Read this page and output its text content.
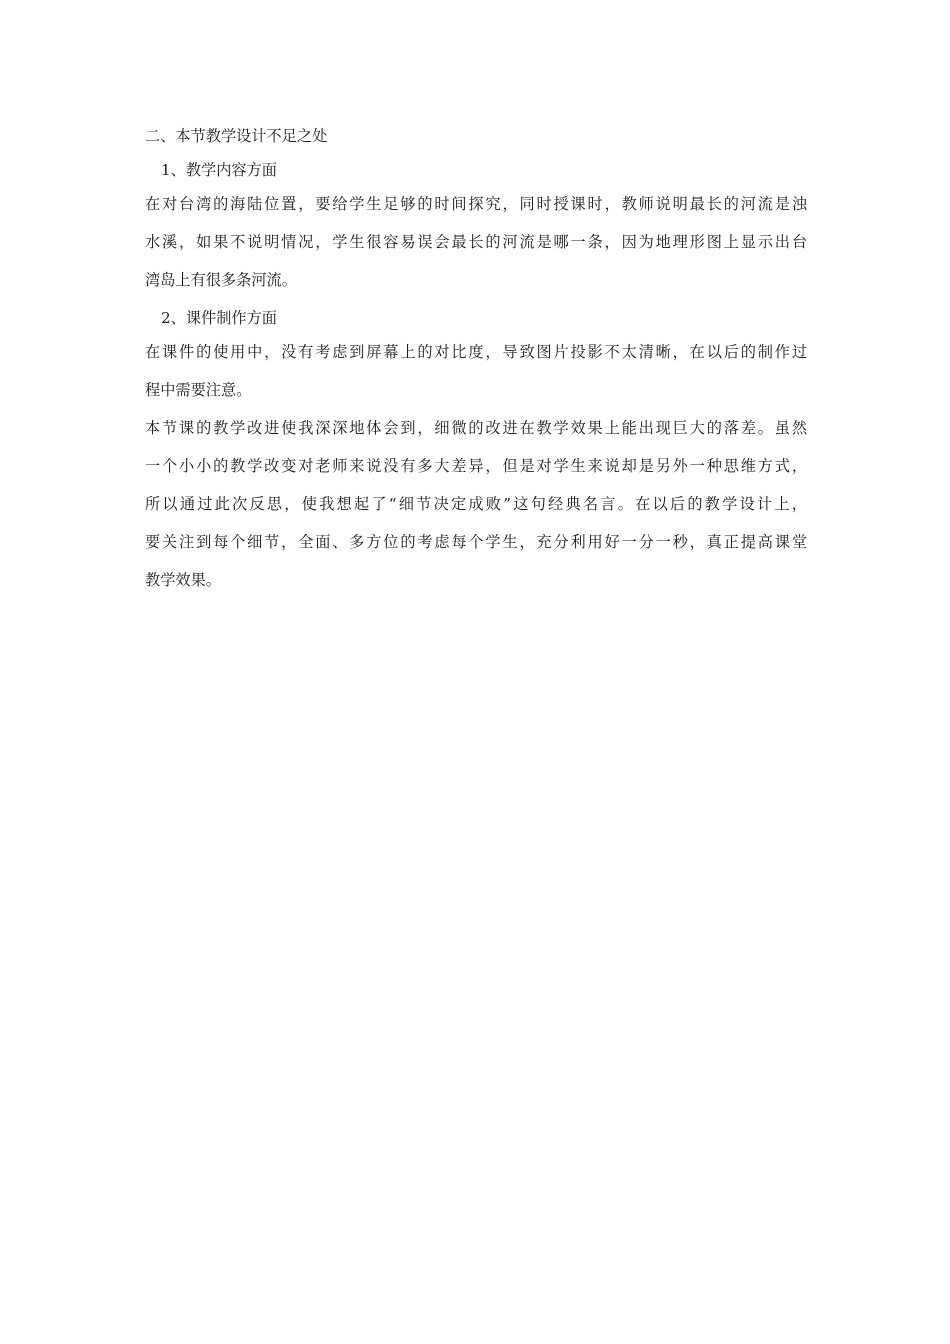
二、本节教学设计不足之处
1、教学内容方面
在对台湾的海陆位置，要给学生足够的时间探究，同时授课时，教师说明最长的河流是浊
水溪，如果不说明情况，学生很容易误会最长的河流是哪一条，因为地理形图上显示出台
湾岛上有很多条河流。
2、课件制作方面
在课件的使用中，没有考虑到屏幕上的对比度，导致图片投影不太清晰，在以后的制作过
程中需要注意。
本节课的教学改进使我深深地体会到，细微的改进在教学效果上能出现巨大的落差。虽然
一个小小的教学改变对老师来说没有多大差异，但是对学生来说却是另外一种思维方式，
所以通过此次反思，使我想起了“细节决定成败”这句经典名言。在以后的教学设计上，
要关注到每个细节，全面、多方位的考虑每个学生，充分利用好一分一秒，真正提高课堂
教学效果。
